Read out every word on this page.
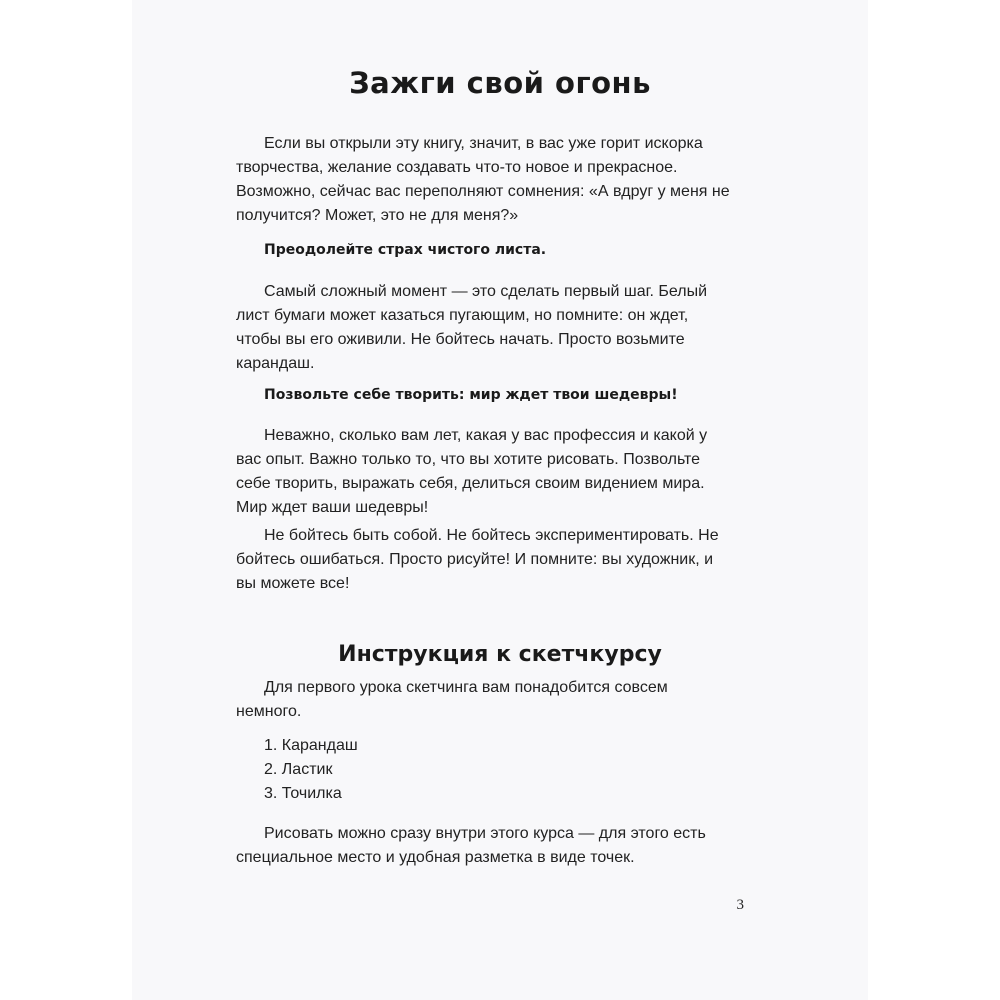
Зажги свой огонь

Если вы открыли эту книгу, значит, в вас уже горит искорка творчества, желание создавать что-то новое и прекрасное. Возможно, сейчас вас переполняют сомнения: «А вдруг у меня не получится? Может, это не для меня?»

Преодолейте страх чистого листа.

Самый сложный момент — это сделать первый шаг. Белый лист бумаги может казаться пугающим, но помните: он ждет, чтобы вы его оживили. Не бойтесь начать. Просто возьмите карандаш.

Позвольте себе творить: мир ждет твои шедевры!

Неважно, сколько вам лет, какая у вас профессия и какой у вас опыт. Важно только то, что вы хотите рисовать. Позвольте себе творить, выражать себя, делиться своим видением мира. Мир ждет ваши шедевры!

Не бойтесь быть собой. Не бойтесь экспериментировать. Не бойтесь ошибаться. Просто рисуйте! И помните: вы художник, и вы можете все!

Инструкция к скетчкурсу

Для первого урока скетчинга вам понадобится совсем немного.

1. Карандаш
2. Ластик
3. Точилка

Рисовать можно сразу внутри этого курса — для этого есть специальное место и удобная разметка в виде точек.

3
